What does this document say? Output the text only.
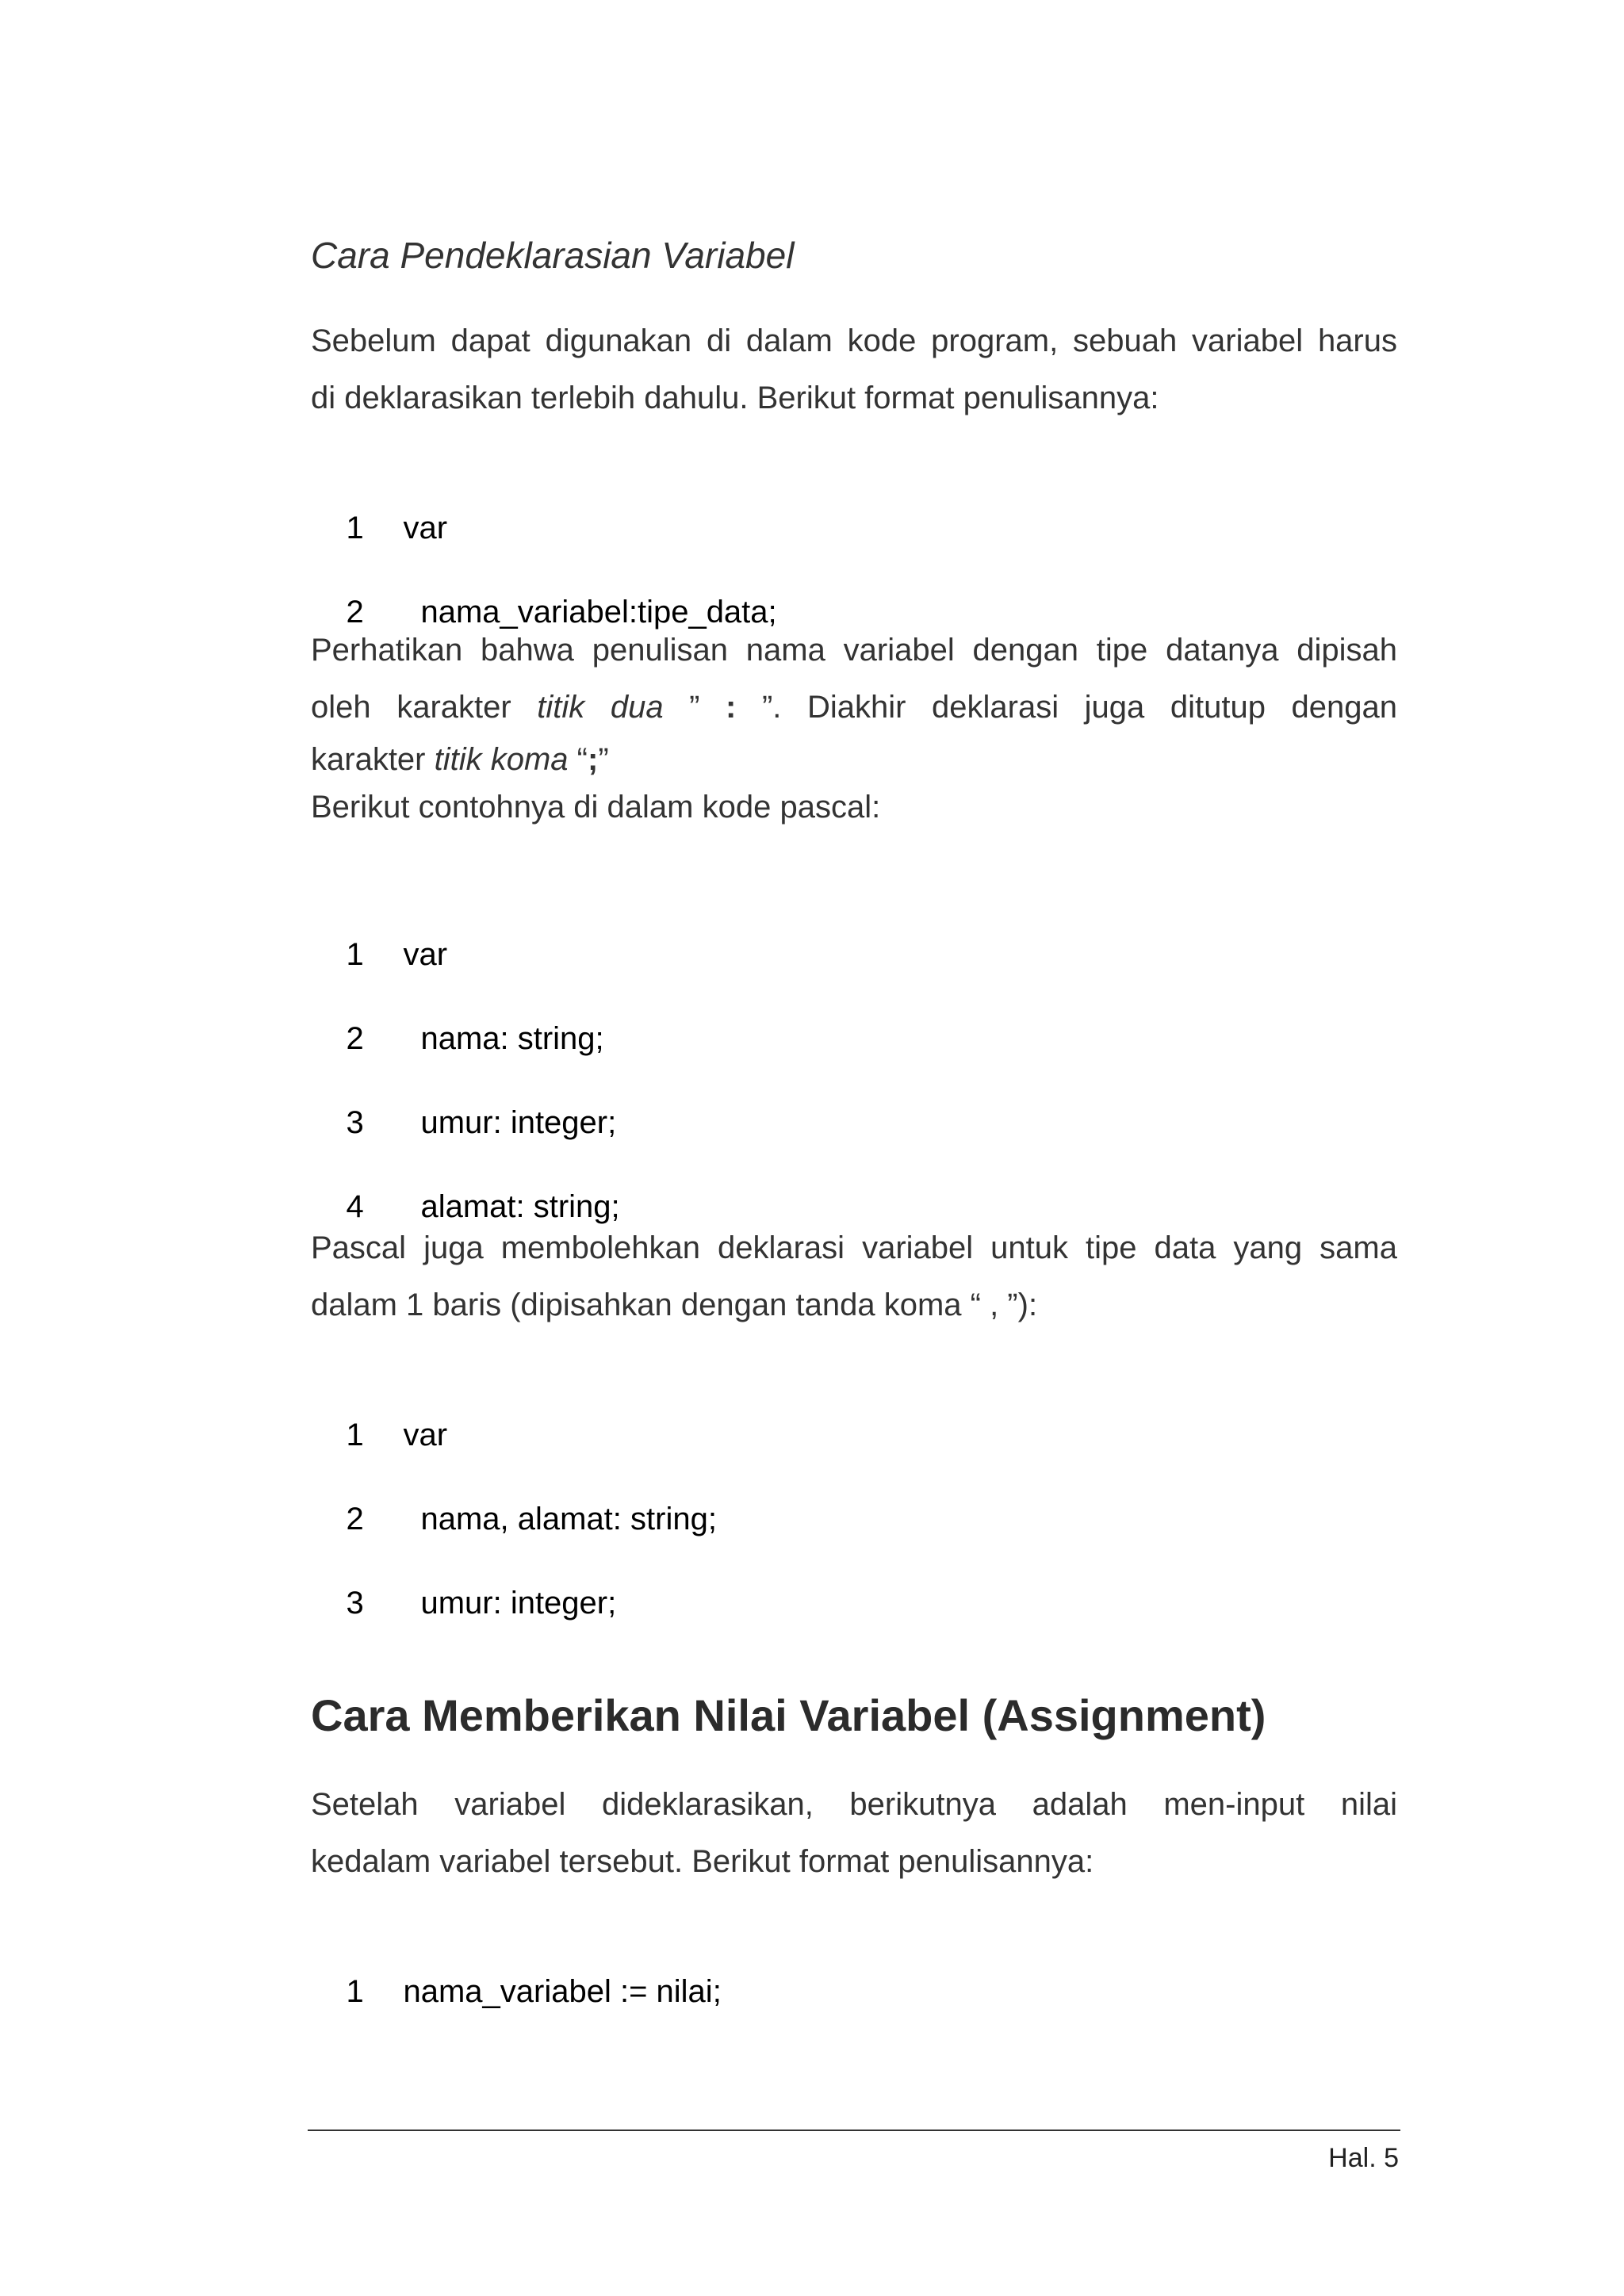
Cara Pendeklarasian Variabel

Sebelum dapat digunakan di dalam kode program, sebuah variabel harus
di deklarasikan terlebih dahulu. Berikut format penulisannya:

1 var

2 nama_variabel:tipe_data;

Perhatikan bahwa penulisan nama variabel dengan tipe datanya dipisah
oleh karakter titik dua ” : ”. Diakhir deklarasi juga ditutup dengan
karakter titik koma “;”
Berikut contohnya di dalam kode pascal:

1 var

2 nama: string;

3 umur: integer;

4 alamat: string;

Pascal juga membolehkan deklarasi variabel untuk tipe data yang sama
dalam 1 baris (dipisahkan dengan tanda koma “ , ”):

1 var

2 nama, alamat: string;

3 umur: integer;

Cara Memberikan Nilai Variabel (Assignment)

Setelah variabel dideklarasikan, berikutnya adalah men-input nilai
kedalam variabel tersebut. Berikut format penulisannya:

1 nama_variabel := nilai;

Hal. 5
